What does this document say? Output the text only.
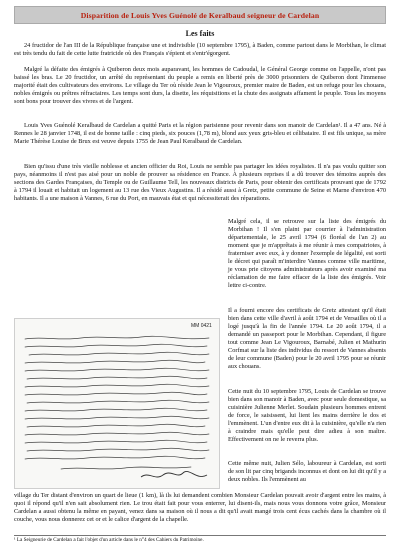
Disparition de Louis Yves Guénolé de Keralbaud seigneur de Cardelan
Les faits

24 fructidor de l'an III de la République française une et indivisible (10 septembre 1795), à Baden, comme partout dans le Morbihan, le climat est très tendu du fait de cette lutte fratricide où des Français s'épient et s'entr'égorgent.

Malgré la défaite des émigrés à Quiberon deux mois auparavant, les hommes de Cadoudal, le Général George comme on l'appelle, n'ont pas baissé les bras. Le 20 fructidor, un arrêté du représentant du peuple a remis en liberté près de 3000 prisonniers de Quiberon dont l'immense majorité était des cultivateurs des environs. Le village du Ter où réside Jean le Vigouroux, premier maire de Baden, est un refuge pour les chouans, nobles émigrés ou prêtres réfractaires. Les temps sont durs, la disette, les réquisitions et la chute des assignats affament le peuple. Tous les moyens sont bons pour trouver des vivres et de l'argent.

Louis Yves Guénolé Keralbaud de Cardelan a quitté Paris et la région parisienne pour revenir dans son manoir de Cardelan¹. Il a 47 ans. Né à Rennes le 28 janvier 1748, il est de bonne taille : cinq pieds, six pouces (1,78 m), blond aux yeux gris-bleu et célibataire. Il est fils unique, sa mère Marie Thérèse Louise de Brux est veuve depuis 1755 de Jean Paul Keralbaud de Cardelan.

Bien qu'issu d'une très vieille noblesse et ancien officier du Roi, Louis ne semble pas partager les idées royalistes. Il n'a pas voulu quitter son pays, néanmoins il n'est pas aisé pour un noble de prouver sa résidence en France. À plusieurs reprises il a dû trouver des témoins auprès des sections des Gardes Françaises, du Temple ou de Guillaume Tell, les nouveaux districts de Paris, pour obtenir des certificats prouvant que de 1792 à 1794 il louait et habitait un logement au 13 rue des Vieux Augustins. Il a résidé aussi à Gretz, petite commune de Seine et Marne d'environ 470 habitants. Il a une maison à Vannes, 6 rue du Port, en mauvais état et qui nécessiterait des réparations.

MM 0421

Malgré cela, il se retrouve sur la liste des émigrés du Morbihan ! Il s'en plaint par courrier à l'administration départementale, le 25 avril 1794 (6 floréal de l'an 2) au moment que je m'apprêtais à me réunir à mes compatriotes, à fraterniser avec eux, à y donner l'exemple de légalité, est sorti le décret qui paraît m'interdire Vannes comme ville maritime, je vous prie citoyens administrateurs après avoir examiné ma réclamation de me faire effacer de la liste des émigrés. Voir lettre ci-contre.

Il a fourni encore des certificats de Gretz attestant qu'il était bien dans cette ville d'avril à août 1794 et de Versailles où il a logé jusqu'à la fin de l'année 1794. Le 20 août 1794, il a demandé un passeport pour le Morbihan. Cependant, il figure tout comme Jean Le Vigouroux, Barnabé, Julien et Mathurin Corfmat sur la liste des individus du ressort de Vannes absents de leur commune (Baden) pour le 20 avril 1795 pour se réunir aux chouans.

Cette nuit du 10 septembre 1795, Louis de Cardelan se trouve bien dans son manoir à Baden, avec pour seule domestique, sa cuisinière Julienne Merlet. Soudain plusieurs hommes entrent de force, le saisissent, lui lient les mains derrière le dos et l'emmènent. L'un d'entre eux dit à la cuisinière, qu'elle n'a rien à craindre mais qu'elle peut dire adieu à son maître. Effectivement on ne le reverra plus.

Cette même nuit, Julien Sélo, laboureur à Cardelan, est sorti de son lit par cinq brigands inconnus et dont on lui dit qu'il y a deux nobles. Ils l'emmènent au

village du Ter distant d'environ un quart de lieue (1 km), là ils lui demandent combien Monsieur Cardelan pouvait avoir d'argent entre les mains, à quoi il répond qu'il n'en sait absolument rien. Le trou était fait pour vous enterrer, lui disent-ils, mais nous vous donnons votre grâce, Monsieur Cardelan a aussi obtenu la même en payant, venez dans sa maison où il nous a dit qu'il avait mangé trois cent écus cachés dans la chambre où il couche, vous nous donnerez cet or et le calice d'argent de la chapelle.

¹ La Seigneurie de Cardelan a fait l'objet d'un article dans le n°4 des Cahiers du Patrimoine.
